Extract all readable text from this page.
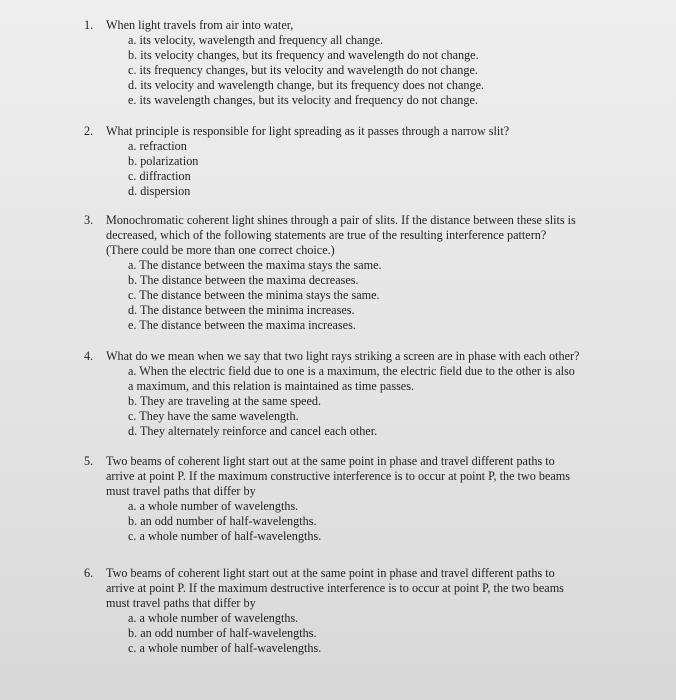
1.	When light travels from air into water,
a. its velocity, wavelength and frequency all change.
b. its velocity changes, but its frequency and wavelength do not change.
c. its frequency changes, but its velocity and wavelength do not change.
d. its velocity and wavelength change, but its frequency does not change.
e. its wavelength changes, but its velocity and frequency do not change.
2.	What principle is responsible for light spreading as it passes through a narrow slit?
a. refraction
b. polarization
c. diffraction
d. dispersion
3.	Monochromatic coherent light shines through a pair of slits. If the distance between these slits is
decreased, which of the following statements are true of the resulting interference pattern?
(There could be more than one correct choice.)
a. The distance between the maxima stays the same.
b. The distance between the maxima decreases.
c. The distance between the minima stays the same.
d. The distance between the minima increases.
e. The distance between the maxima increases.
4.	What do we mean when we say that two light rays striking a screen are in phase with each other?
a. When the electric field due to one is a maximum, the electric field due to the other is also
a maximum, and this relation is maintained as time passes.
b. They are traveling at the same speed.
c. They have the same wavelength.
d. They alternately reinforce and cancel each other.
5.	Two beams of coherent light start out at the same point in phase and travel different paths to
arrive at point P. If the maximum constructive interference is to occur at point P, the two beams
must travel paths that differ by
a. a whole number of wavelengths.
b. an odd number of half-wavelengths.
c. a whole number of half-wavelengths.
6.	Two beams of coherent light start out at the same point in phase and travel different paths to
arrive at point P. If the maximum destructive interference is to occur at point P, the two beams
must travel paths that differ by
a. a whole number of wavelengths.
b. an odd number of half-wavelengths.
c. a whole number of half-wavelengths.
